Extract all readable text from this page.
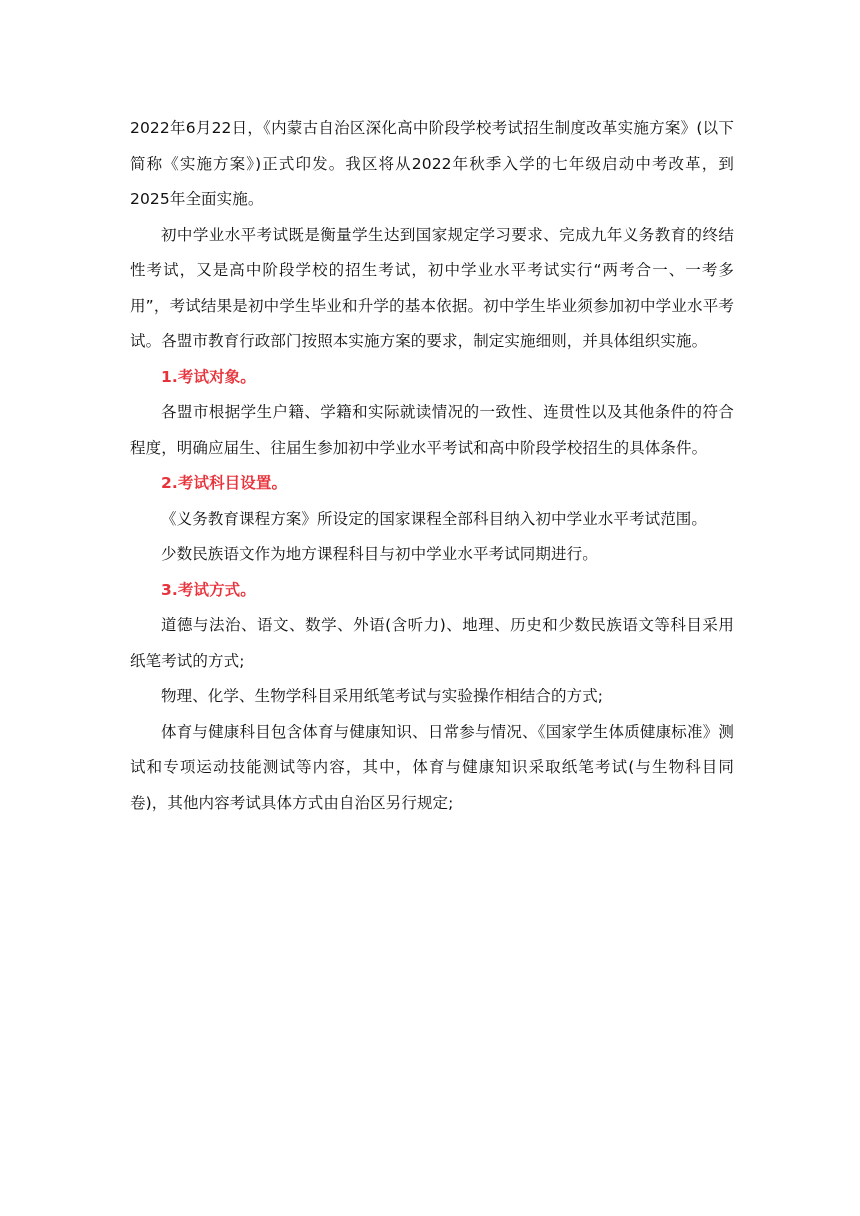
2022年6月22日，《内蒙古自治区深化高中阶段学校考试招生制度改革实施方案》(以下简称《实施方案》)正式印发。我区将从2022年秋季入学的七年级启动中考改革，到2025年全面实施。

初中学业水平考试既是衡量学生达到国家规定学习要求、完成九年义务教育的终结性考试，又是高中阶段学校的招生考试，初中学业水平考试实行“两考合一、一考多用”，考试结果是初中学生毕业和升学的基本依据。初中学生毕业须参加初中学业水平考试。各盟市教育行政部门按照本实施方案的要求，制定实施细则，并具体组织实施。

1.考试对象。

各盟市根据学生户籍、学籍和实际就读情况的一致性、连贯性以及其他条件的符合程度，明确应届生、往届生参加初中学业水平考试和高中阶段学校招生的具体条件。

2.考试科目设置。

《义务教育课程方案》所设定的国家课程全部科目纳入初中学业水平考试范围。

少数民族语文作为地方课程科目与初中学业水平考试同期进行。

3.考试方式。

道德与法治、语文、数学、外语(含听力)、地理、历史和少数民族语文等科目采用纸笔考试的方式;

物理、化学、生物学科目采用纸笔考试与实验操作相结合的方式;

体育与健康科目包含体育与健康知识、日常参与情况、《国家学生体质健康标准》测试和专项运动技能测试等内容，其中，体育与健康知识采取纸笔考试(与生物科目同卷)，其他内容考试具体方式由自治区另行规定;
